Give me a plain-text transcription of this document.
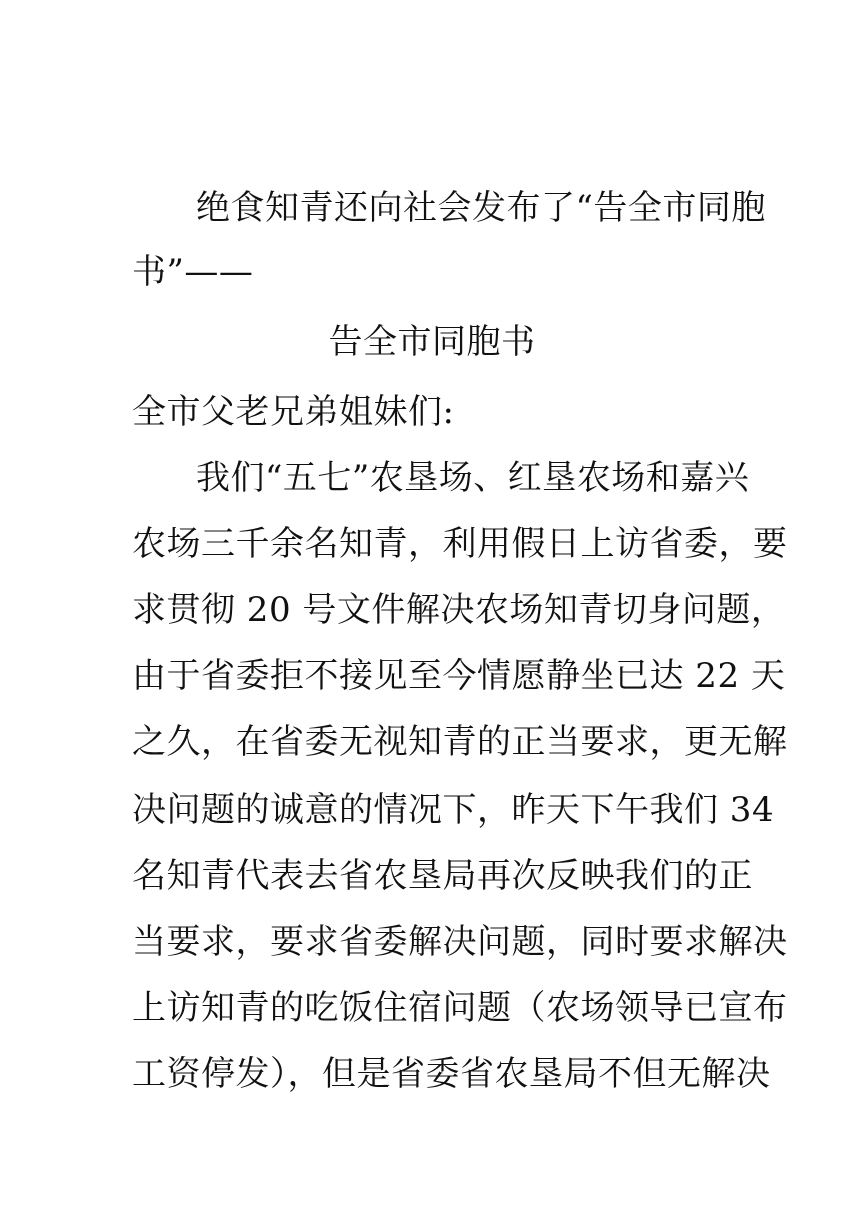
绝食知青还向社会发布了“告全市同胞
书”——
告全市同胞书
全市父老兄弟姐妹们:
我们“五七”农垦场、红垦农场和嘉兴
农场三千余名知青，利用假日上访省委，要
求贯彻 20 号文件解决农场知青切身问题，
由于省委拒不接见至今情愿静坐已达 22 天
之久，在省委无视知青的正当要求，更无解
决问题的诚意的情况下，昨天下午我们 34
名知青代表去省农垦局再次反映我们的正
当要求，要求省委解决问题，同时要求解决
上访知青的吃饭住宿问题（农场领导已宣布
工资停发），但是省委省农垦局不但无解决
